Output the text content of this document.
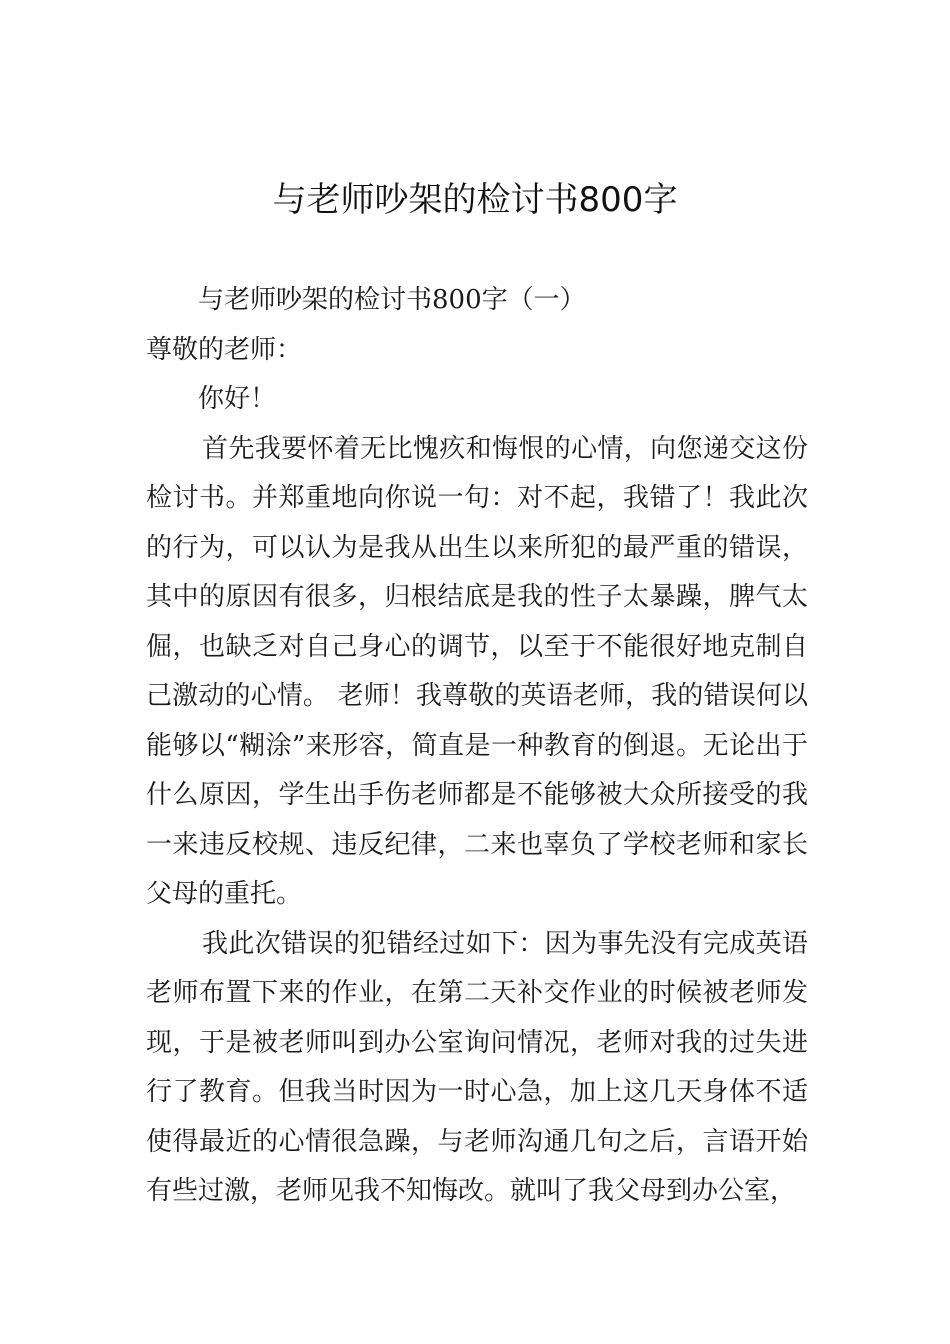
与老师吵架的检讨书800字

与老师吵架的检讨书800字（一）

尊敬的老师：

你好！

首先我要怀着无比愧疚和悔恨的心情，向您递交这份检讨书。并郑重地向你说一句：对不起，我错了！我此次的行为，可以认为是我从出生以来所犯的最严重的错误，其中的原因有很多，归根结底是我的性子太暴躁，脾气太倔，也缺乏对自己身心的调节，以至于不能很好地克制自己激动的心情。 老师！我尊敬的英语老师，我的错误何以能够以“糊涂”来形容，简直是一种教育的倒退。无论出于什么原因，学生出手伤老师都是不能够被大众所接受的我一来违反校规、违反纪律，二来也辜负了学校老师和家长父母的重托。

我此次错误的犯错经过如下：因为事先没有完成英语老师布置下来的作业，在第二天补交作业的时候被老师发现，于是被老师叫到办公室询问情况，老师对我的过失进行了教育。但我当时因为一时心急，加上这几天身体不适使得最近的心情很急躁，与老师沟通几句之后，言语开始有些过激，老师见我不知悔改。就叫了我父母到办公室，
